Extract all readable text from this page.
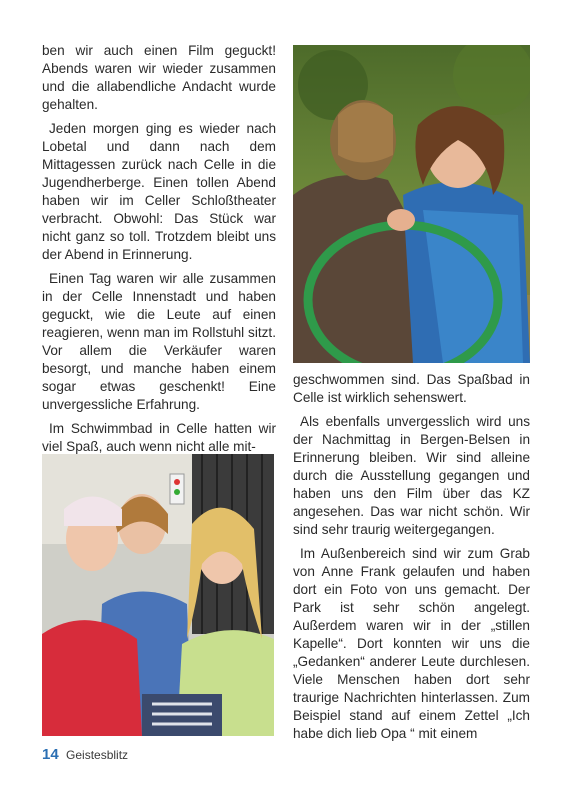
ben wir auch einen Film geguckt! Abends waren wir wieder zusammen und die allabendliche Andacht wurde gehalten.

Jeden morgen ging es wieder nach Lobetal und dann nach dem Mittagessen zurück nach Celle in die Jugendherberge. Einen tollen Abend haben wir im Celler Schloßtheater verbracht. Obwohl: Das Stück war nicht ganz so toll. Trotzdem bleibt uns der Abend in Erinnerung.

Einen Tag waren wir alle zusammen in der Celle Innenstadt und haben geguckt, wie die Leute auf einen reagieren, wenn man im Rollstuhl sitzt. Vor allem die Verkäufer waren besorgt, und manche haben einem sogar etwas geschenkt! Eine unvergessliche Erfahrung.

Im Schwimmbad in Celle hatten wir viel Spaß, auch wenn nicht alle mit-

geschwommen sind. Das Spaßbad in Celle ist wirklich sehenswert.

Als ebenfalls unvergesslich wird uns der Nachmittag in Bergen-Belsen in Erinnerung bleiben. Wir sind alleine durch die Ausstellung gegangen und haben uns den Film über das KZ angesehen. Das war nicht schön. Wir sind sehr traurig weitergegangen.

Im Außenbereich sind wir zum Grab von Anne Frank gelaufen und haben dort ein Foto von uns gemacht. Der Park ist sehr schön angelegt. Außerdem waren wir in der „stillen Kapelle“. Dort konnten wir uns die „Gedanken“ anderer Leute durchlesen. Viele Menschen haben dort sehr traurige Nachrichten hinterlassen. Zum Beispiel stand auf einem Zettel „Ich habe dich lieb Opa “ mit einem

14 Geistesblitz
